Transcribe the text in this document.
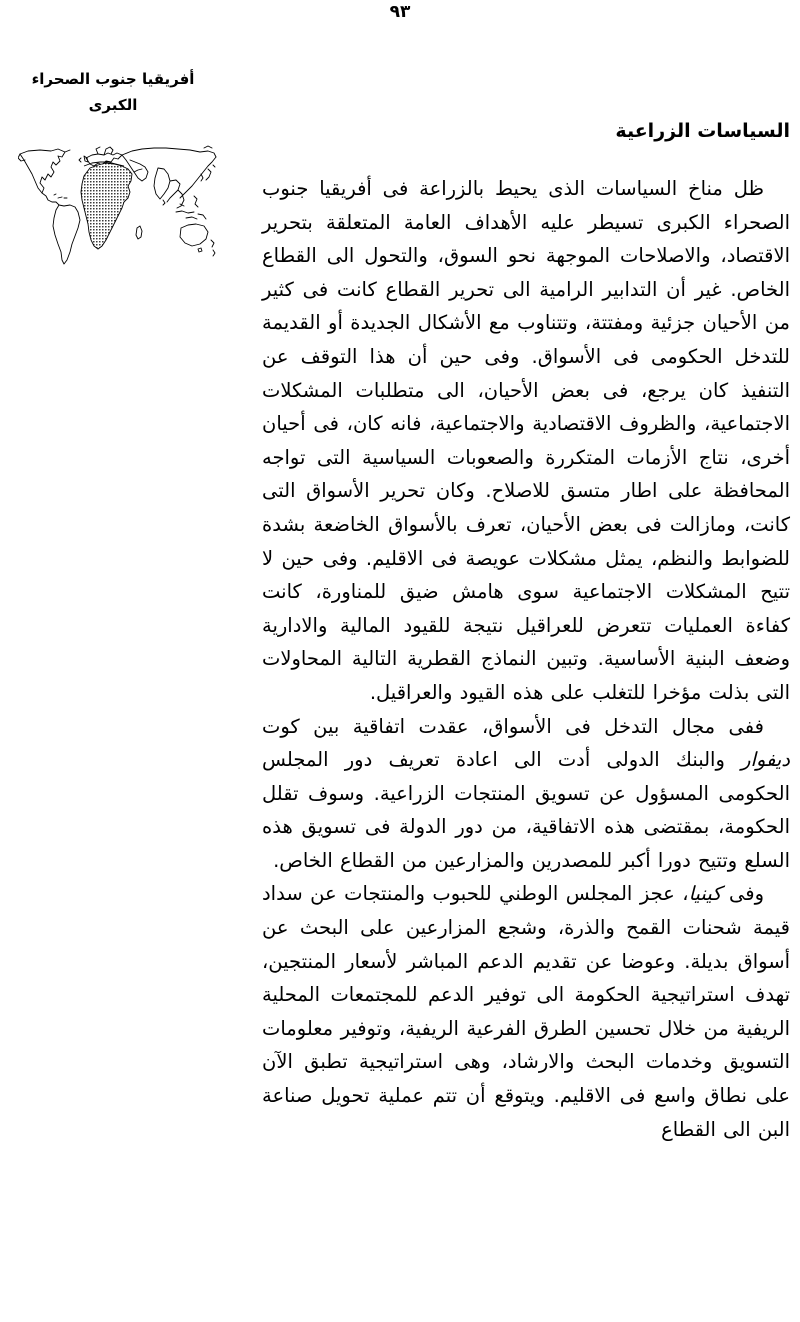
٩٣
أفريقيا جنوب الصحراء
الكبرى
السياسات الزراعية

ظل مناخ السياسات الذى يحيط بالزراعة فى أفريقيا جنوب الصحراء الكبرى تسيطر عليه الأهداف العامة المتعلقة بتحرير الاقتصاد، والاصلاحات الموجهة نحو السوق، والتحول الى القطاع الخاص. غير أن التدابير الرامية الى تحرير القطاع كانت فى كثير من الأحيان جزئية ومفتتة، وتتناوب مع الأشكال الجديدة أو القديمة للتدخل الحكومى فى الأسواق. وفى حين أن هذا التوقف عن التنفيذ كان يرجع، فى بعض الأحيان، الى متطلبات المشكلات الاجتماعية، والظروف الاقتصادية والاجتماعية، فانه كان، فى أحيان أخرى، نتاج الأزمات المتكررة والصعوبات السياسية التى تواجه المحافظة على اطار متسق للاصلاح. وكان تحرير الأسواق التى كانت، ومازالت فى بعض الأحيان، تعرف بالأسواق الخاضعة بشدة للضوابط والنظم، يمثل مشكلات عويصة فى الاقليم. وفى حين لا تتيح المشكلات الاجتماعية سوى هامش ضيق للمناورة، كانت كفاءة العمليات تتعرض للعراقيل نتيجة للقيود المالية والادارية وضعف البنية الأساسية. وتبين النماذج القطرية التالية المحاولات التى بذلت مؤخرا للتغلب على هذه القيود والعراقيل.

ففى مجال التدخل فى الأسواق، عقدت اتفاقية بين كوت ديفوار والبنك الدولى أدت الى اعادة تعريف دور المجلس الحكومى المسؤول عن تسويق المنتجات الزراعية. وسوف تقلل الحكومة، بمقتضى هذه الاتفاقية، من دور الدولة فى تسويق هذه السلع وتتيح دورا أكبر للمصدرين والمزارعين من القطاع الخاص.

وفى كينيا، عجز المجلس الوطني للحبوب والمنتجات عن سداد قيمة شحنات القمح والذرة، وشجع المزارعين على البحث عن أسواق بديلة. وعوضا عن تقديم الدعم المباشر لأسعار المنتجين، تهدف استراتيجية الحكومة الى توفير الدعم للمجتمعات المحلية الريفية من خلال تحسين الطرق الفرعية الريفية، وتوفير معلومات التسويق وخدمات البحث والارشاد، وهى استراتيجية تطبق الآن على نطاق واسع فى الاقليم. ويتوقع أن تتم عملية تحويل صناعة البن الى القطاع
